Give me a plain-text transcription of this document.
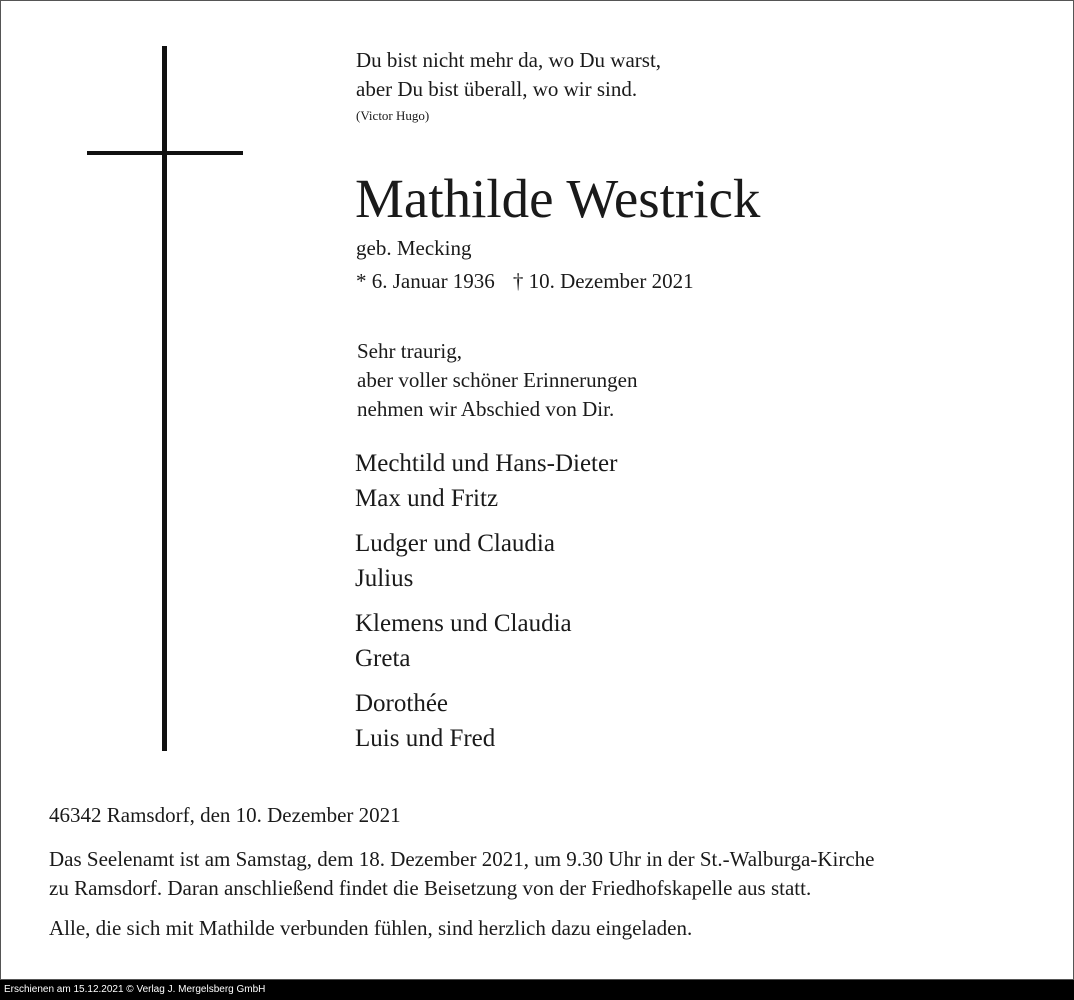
Du bist nicht mehr da, wo Du warst,
aber Du bist überall, wo wir sind.
(Victor Hugo)
Mathilde Westrick
geb. Mecking
* 6. Januar 1936 † 10. Dezember 2021
Sehr traurig,
aber voller schöner Erinnerungen
nehmen wir Abschied von Dir.
Mechtild und Hans-Dieter
Max und Fritz
Ludger und Claudia
Julius
Klemens und Claudia
Greta
Dorothée
Luis und Fred
46342 Ramsdorf, den 10. Dezember 2021
Das Seelenamt ist am Samstag, dem 18. Dezember 2021, um 9.30 Uhr in der St.-Walburga-Kirche
zu Ramsdorf. Daran anschließend findet die Beisetzung von der Friedhofskapelle aus statt.
Alle, die sich mit Mathilde verbunden fühlen, sind herzlich dazu eingeladen.
Erschienen am 15.12.2021 © Verlag J. Mergelsberg GmbH
